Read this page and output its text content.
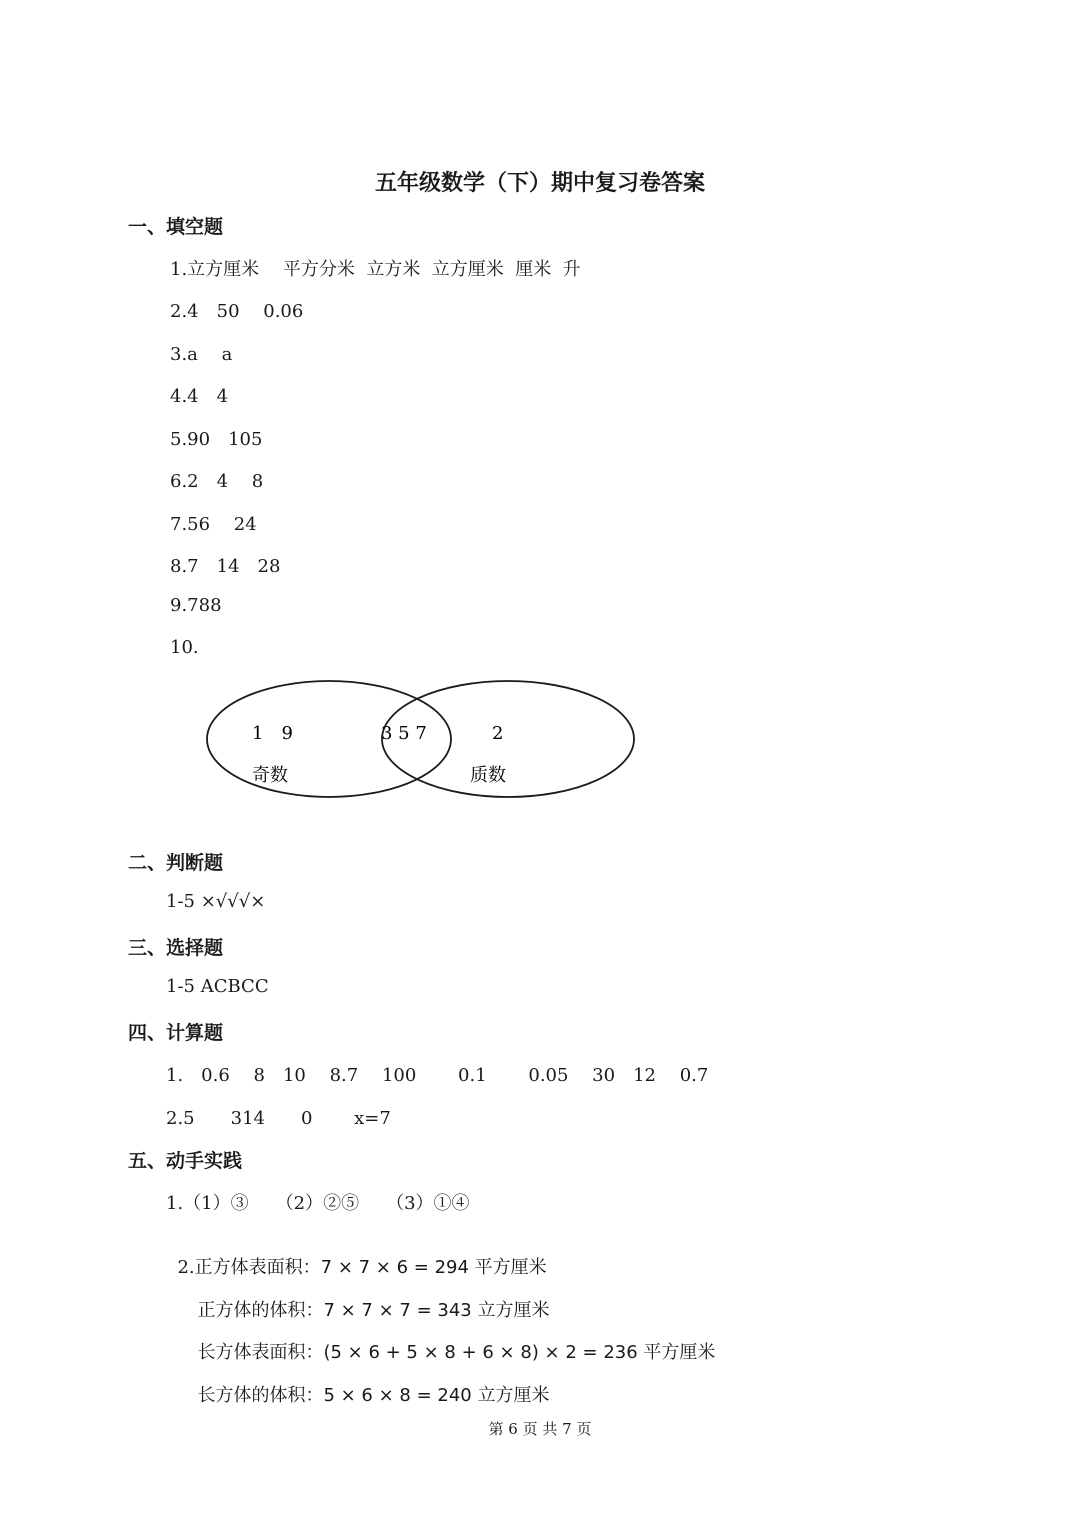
五年级数学（下）期中复习卷答案
一、填空题
1.立方厘米　 平方分米  立方米  立方厘米  厘米  升
2.4　50　 0.06
3.a　 a
4.4　4
5.90　105
6.2　4　 8
7.56　 24
8.7　14　28
9.788
10.
1　9	3 5 7	2
奇数	质数
二、判断题
1-5 ×√√√×
三、选择题
1-5 ACBCC
四、计算题
1.　0.6　 8　10　 8.7　 100　　 0.1　　 0.05　 30　12　 0.7
2.5　　314　　0　　 x=7
五、动手实践
1.（1）③　　（2）②⑤　　（3）①④

2.正方体表面积：7 × 7 × 6 = 294 平方厘米

正方体的体积：7 × 7 × 7 = 343 立方厘米

长方体表面积：(5 × 6 + 5 × 8 + 6 × 8) × 2 = 236 平方厘米

长方体的体积：5 × 6 × 8 = 240 立方厘米

第 6 页 共 7 页
